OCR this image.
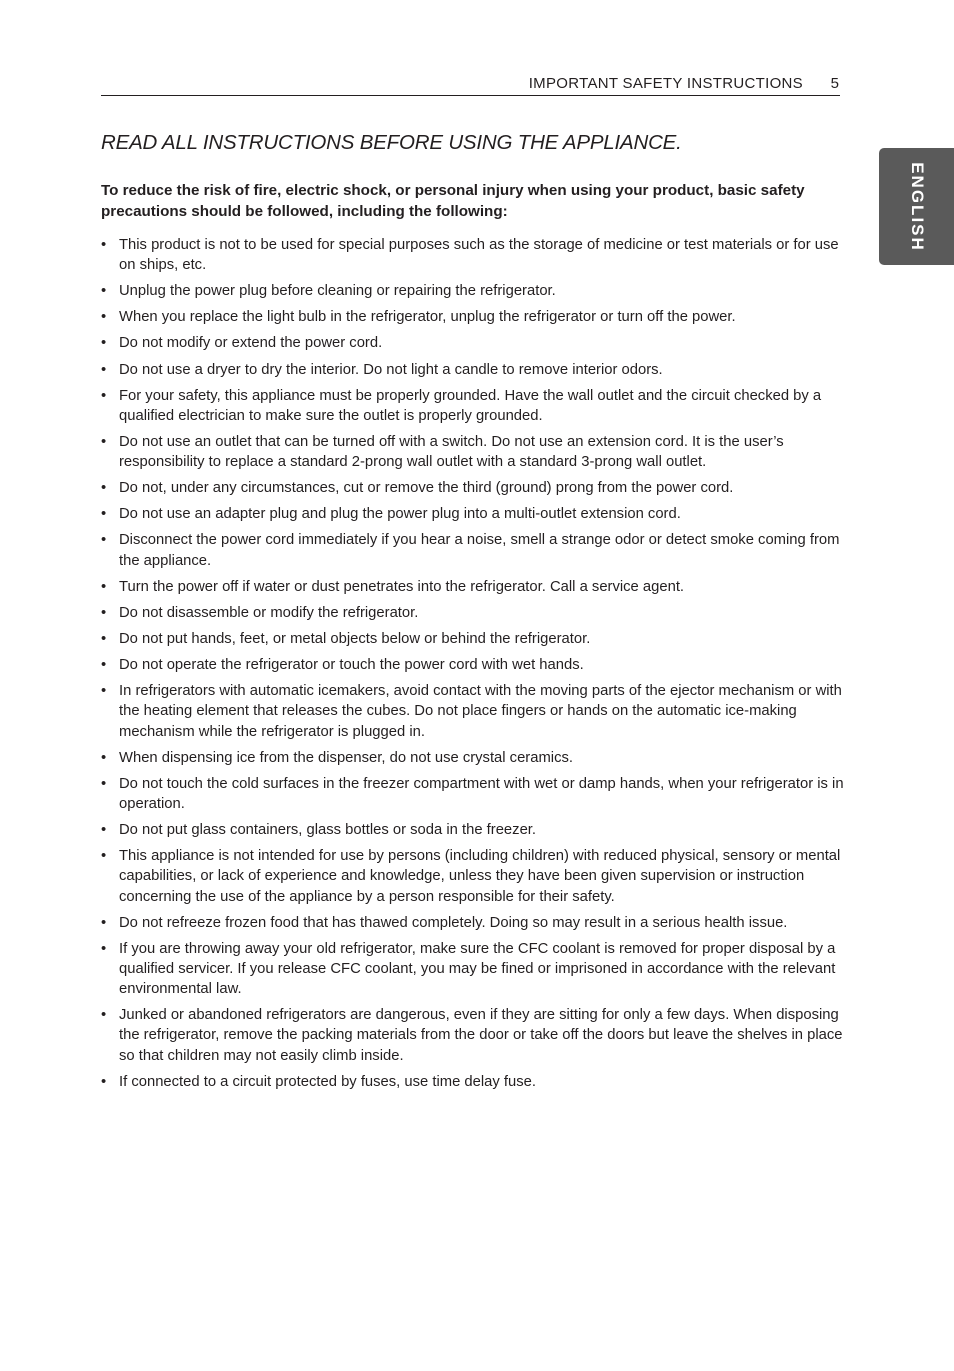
IMPORTANT SAFETY INSTRUCTIONS 5
ENGLISH
READ ALL INSTRUCTIONS BEFORE USING THE APPLIANCE.

To reduce the risk of fire, electric shock, or personal injury when using your product, basic safety precautions should be followed, including the following:

• This product is not to be used for special purposes such as the storage of medicine or test materials or for use on ships, etc.
• Unplug the power plug before cleaning or repairing the refrigerator.
• When you replace the light bulb in the refrigerator, unplug the refrigerator or turn off the power.
• Do not modify or extend the power cord.
• Do not use a dryer to dry the interior. Do not light a candle to remove interior odors.
• For your safety, this appliance must be properly grounded. Have the wall outlet and the circuit checked by a qualified electrician to make sure the outlet is properly grounded.
• Do not use an outlet that can be turned off with a switch. Do not use an extension cord. It is the user’s responsibility to replace a standard 2-prong wall outlet with a standard 3-prong wall outlet.
• Do not, under any circumstances, cut or remove the third (ground) prong from the power cord.
• Do not use an adapter plug and plug the power plug into a multi-outlet extension cord.
• Disconnect the power cord immediately if you hear a noise, smell a strange odor or detect smoke coming from the appliance.
• Turn the power off if water or dust penetrates into the refrigerator. Call a service agent.
• Do not disassemble or modify the refrigerator.
• Do not put hands, feet, or metal objects below or behind the refrigerator.
• Do not operate the refrigerator or touch the power cord with wet hands.
• In refrigerators with automatic icemakers, avoid contact with the moving parts of the ejector mechanism or with the heating element that releases the cubes. Do not place fingers or hands on the automatic ice-making mechanism while the refrigerator is plugged in.
• When dispensing ice from the dispenser, do not use crystal ceramics.
• Do not touch the cold surfaces in the freezer compartment with wet or damp hands, when your refrigerator is in operation.
• Do not put glass containers, glass bottles or soda in the freezer.
• This appliance is not intended for use by persons (including children) with reduced physical, sensory or mental capabilities, or lack of experience and knowledge, unless they have been given supervision or instruction concerning the use of the appliance by a person responsible for their safety.
• Do not refreeze frozen food that has thawed completely. Doing so may result in a serious health issue.
• If you are throwing away your old refrigerator, make sure the CFC coolant is removed for proper disposal by a qualified servicer. If you release CFC coolant, you may be fined or imprisoned in accordance with the relevant environmental law.
• Junked or abandoned refrigerators are dangerous, even if they are sitting for only a few days. When disposing the refrigerator, remove the packing materials from the door or take off the doors but leave the shelves in place so that children may not easily climb inside.
• If connected to a circuit protected by fuses, use time delay fuse.
